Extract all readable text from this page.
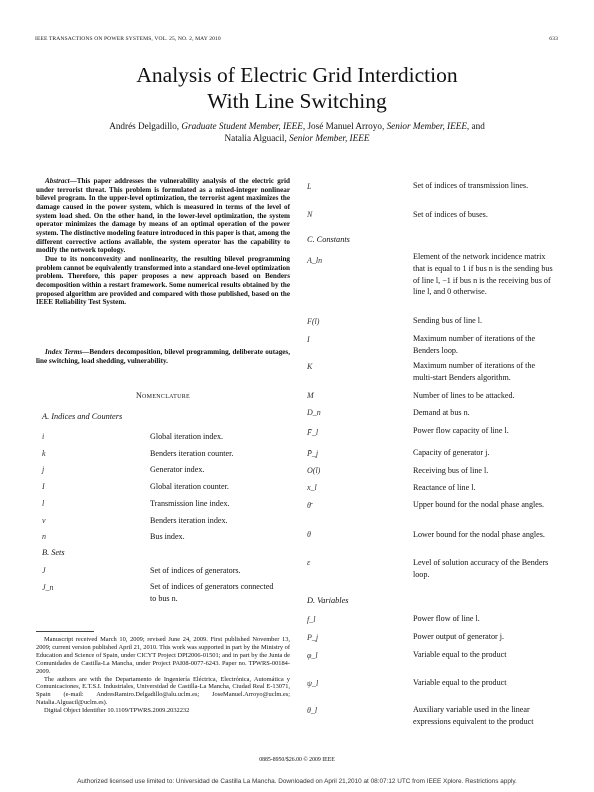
IEEE TRANSACTIONS ON POWER SYSTEMS, VOL. 25, NO. 2, MAY 2010	633
Analysis of Electric Grid Interdiction
With Line Switching
Andrés Delgadillo, Graduate Student Member, IEEE, José Manuel Arroyo, Senior Member, IEEE, and
Natalia Alguacil, Senior Member, IEEE

Abstract—This paper addresses the vulnerability analysis of the electric grid under terrorist threat. This problem is formulated as a mixed-integer nonlinear bilevel program. In the upper-level optimization, the terrorist agent maximizes the damage caused in the power system, which is measured in terms of the level of system load shed. On the other hand, in the lower-level optimization, the system operator minimizes the damage by means of an optimal operation of the power system. The distinctive modeling feature introduced in this paper is that, among the different corrective actions available, the system operator has the capability to modify the network topology.

Due to its nonconvexity and nonlinearity, the resulting bilevel programming problem cannot be equivalently transformed into a standard one-level optimization problem. Therefore, this paper proposes a new approach based on Benders decomposition within a restart framework. Some numerical results obtained by the proposed algorithm are provided and compared with those published, based on the IEEE Reliability Test System.

Index Terms—Benders decomposition, bilevel programming, deliberate outages, line switching, load shedding, vulnerability.
Nomenclature
A. Indices and Counters
i	Global iteration index.
k	Benders iteration counter.
j	Generator index.
I	Global iteration counter.
l	Transmission line index.
ν	Benders iteration index.
n	Bus index.
B. Sets
J	Set of indices of generators.
J_n	Set of indices of generators connected to bus n.

Manuscript received March 10, 2009; revised June 24, 2009. First published November 13, 2009; current version published April 21, 2010. This work was supported in part by the Ministry of Education and Science of Spain, under CICYT Project DPI2006-01501; and in part by the Junta de Comunidades de Castilla-La Mancha, under Project PAI08-0077-6243. Paper no. TPWRS-00184-2009.

The authors are with the Departamento de Ingeniería Eléctrica, Electrónica, Automática y Comunicaciones, E.T.S.I. Industriales, Universidad de Castilla-La Mancha, Ciudad Real E-13071, Spain (e-mail: AndresRamiro.Delgadillo@alu.uclm.es; JoseManuel.Arroyo@uclm.es; Natalia.Alguacil@uclm.es).

Digital Object Identifier 10.1109/TPWRS.2009.2032232

L	Set of indices of transmission lines.
N	Set of indices of buses.
C. Constants
A_ln	Element of the network incidence matrix that is equal to 1 if bus n is the sending bus of line l, −1 if bus n is the receiving bus of line l, and 0 otherwise.
F(l)	Sending bus of line l.
I	Maximum number of iterations of the Benders loop.
K	Maximum number of iterations of the multi-start Benders algorithm.
M	Number of lines to be attacked.
D_n	Demand at bus n.
F̄_l	Power flow capacity of line l.
P̄_j	Capacity of generator j.
O(l)	Receiving bus of line l.
x_l	Reactance of line l.
θ̄	Upper bound for the nodal phase angles.
θ	Lower bound for the nodal phase angles.
ε	Level of solution accuracy of the Benders loop.
D. Variables
f_l	Power flow of line l.
P_j	Power output of generator j.
φ_l	Variable equal to the product
ψ_l	Variable equal to the product
θ_l	Auxiliary variable used in the linear expressions equivalent to the product
0885-8950/$26.00 © 2009 IEEE
Authorized licensed use limited to: Universidad de Castilla La Mancha. Downloaded on April 21,2010 at 08:07:12 UTC from IEEE Xplore. Restrictions apply.
